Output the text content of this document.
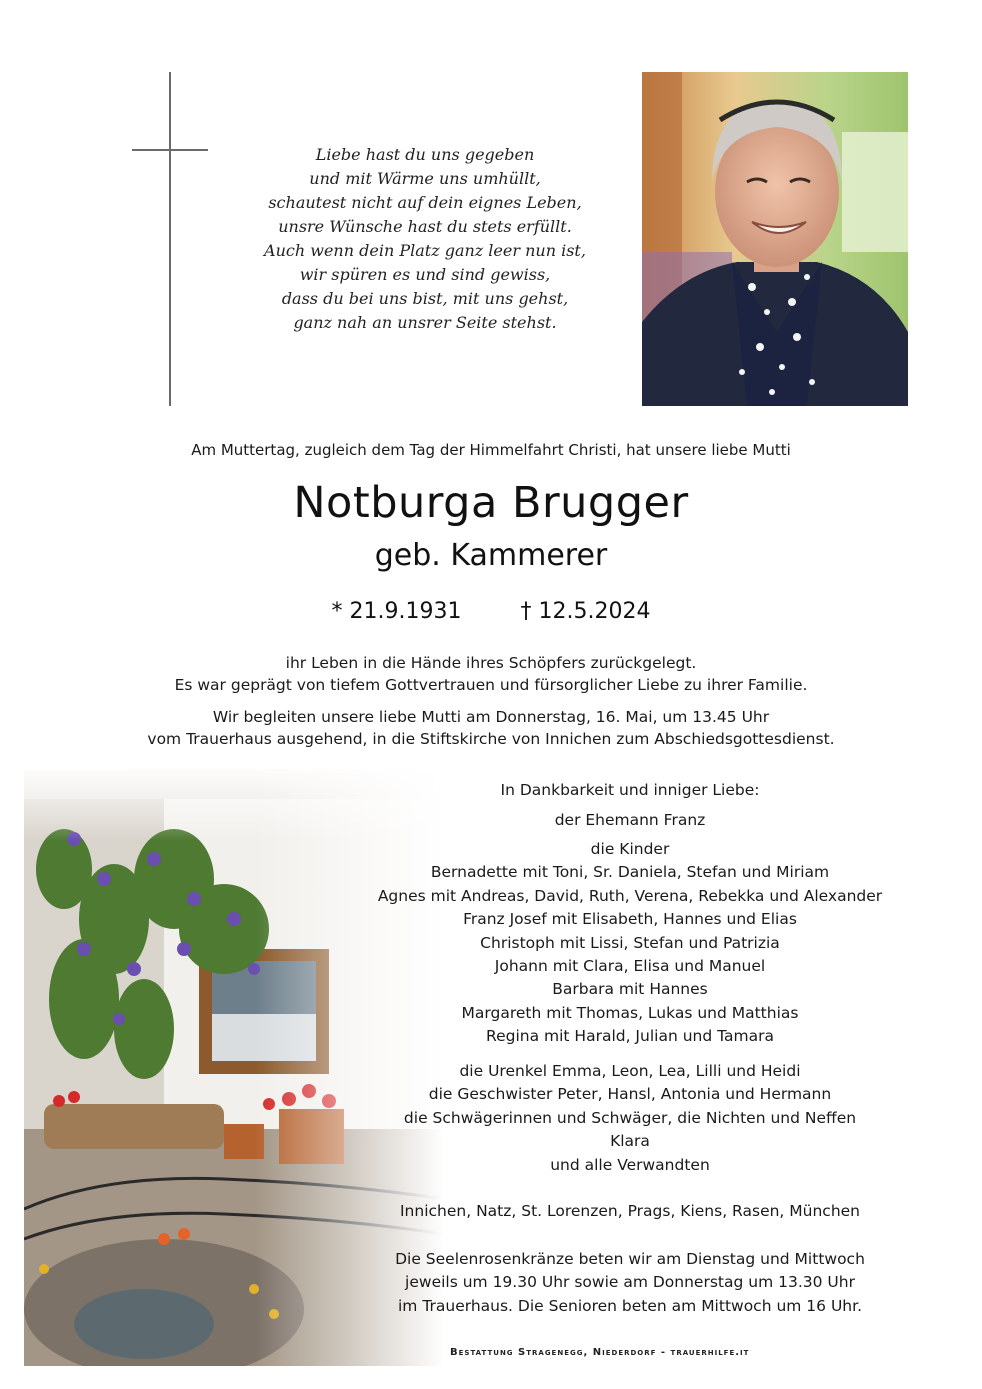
Liebe hast du uns gegeben
und mit Wärme uns umhüllt,
schautest nicht auf dein eignes Leben,
unsre Wünsche hast du stets erfüllt.
Auch wenn dein Platz ganz leer nun ist,
wir spüren es und sind gewiss,
dass du bei uns bist, mit uns gehst,
ganz nah an unsrer Seite stehst.
Am Muttertag, zugleich dem Tag der Himmelfahrt Christi, hat unsere liebe Mutti
Notburga Brugger
geb. Kammerer
* 21.9.1931	† 12.5.2024
ihr Leben in die Hände ihres Schöpfers zurückgelegt.
Es war geprägt von tiefem Gottvertrauen und fürsorglicher Liebe zu ihrer Familie.
Wir begleiten unsere liebe Mutti am Donnerstag, 16. Mai, um 13.45 Uhr
vom Trauerhaus ausgehend, in die Stiftskirche von Innichen zum Abschiedsgottesdienst.
In Dankbarkeit und inniger Liebe:
der Ehemann Franz
die Kinder
Bernadette mit Toni, Sr. Daniela, Stefan und Miriam
Agnes mit Andreas, David, Ruth, Verena, Rebekka und Alexander
Franz Josef mit Elisabeth, Hannes und Elias
Christoph mit Lissi, Stefan und Patrizia
Johann mit Clara, Elisa und Manuel
Barbara mit Hannes
Margareth mit Thomas, Lukas und Matthias
Regina mit Harald, Julian und Tamara
die Urenkel Emma, Leon, Lea, Lilli und Heidi
die Geschwister Peter, Hansl, Antonia und Hermann
die Schwägerinnen und Schwäger, die Nichten und Neffen
Klara
und alle Verwandten
Innichen, Natz, St. Lorenzen, Prags, Kiens, Rasen, München
Die Seelenrosenkränze beten wir am Dienstag und Mittwoch
jeweils um 19.30 Uhr sowie am Donnerstag um 13.30 Uhr
im Trauerhaus. Die Senioren beten am Mittwoch um 16 Uhr.
Bestattung Stragenegg, Niederdorf - trauerhilfe.it
